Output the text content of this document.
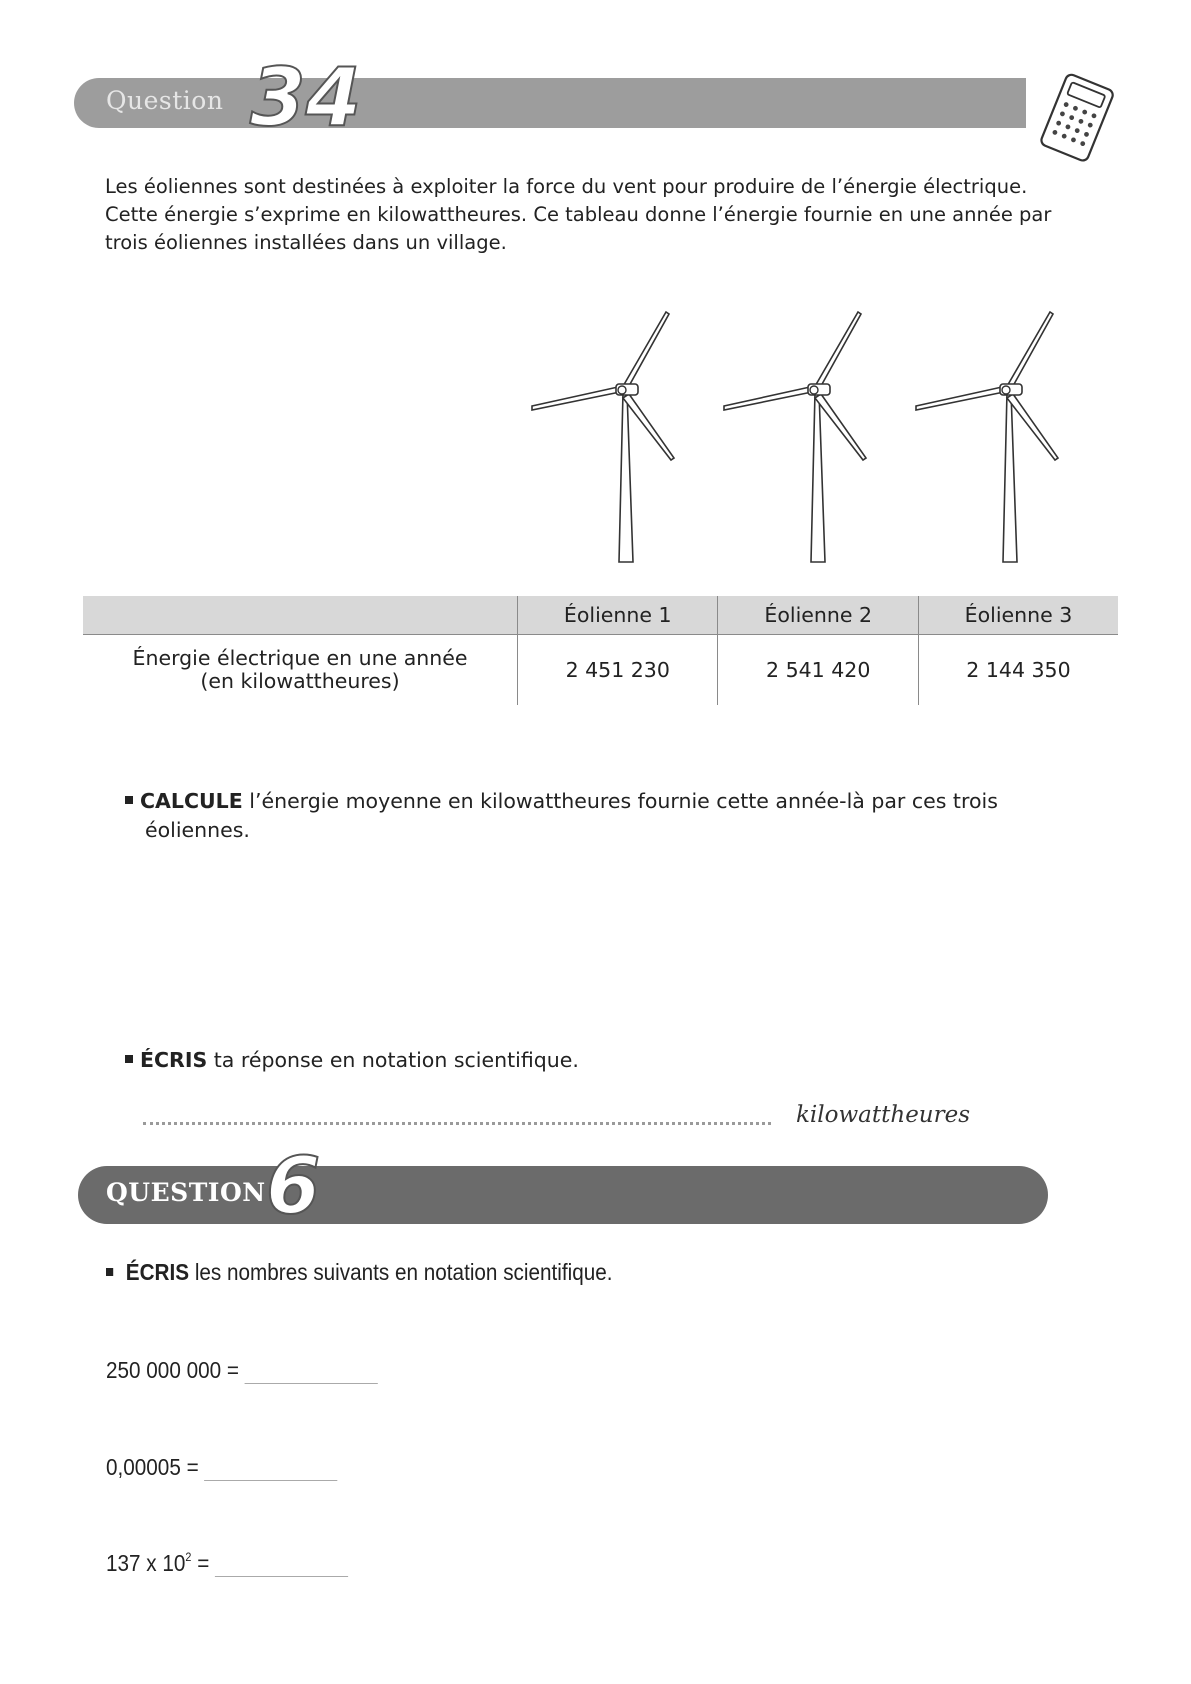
Question 34
Les éoliennes sont destinées à exploiter la force du vent pour produire de l’énergie électrique. Cette énergie s’exprime en kilowattheures. Ce tableau donne l’énergie fournie en une année par trois éoliennes installées dans un village.
	Éolienne 1	Éolienne 2	Éolienne 3
Énergie électrique en une année
(en kilowattheures)	2 451 230	2 541 420	2 144 350
CALCULE l’énergie moyenne en kilowattheures fournie cette année-là par ces trois
éoliennes.
ÉCRIS ta réponse en notation scientifique.
kilowattheures
QUESTION 6
ÉCRIS les nombres suivants en notation scientifique.
250 000 000 =
0,00005 =
137 x $10^2$ =
